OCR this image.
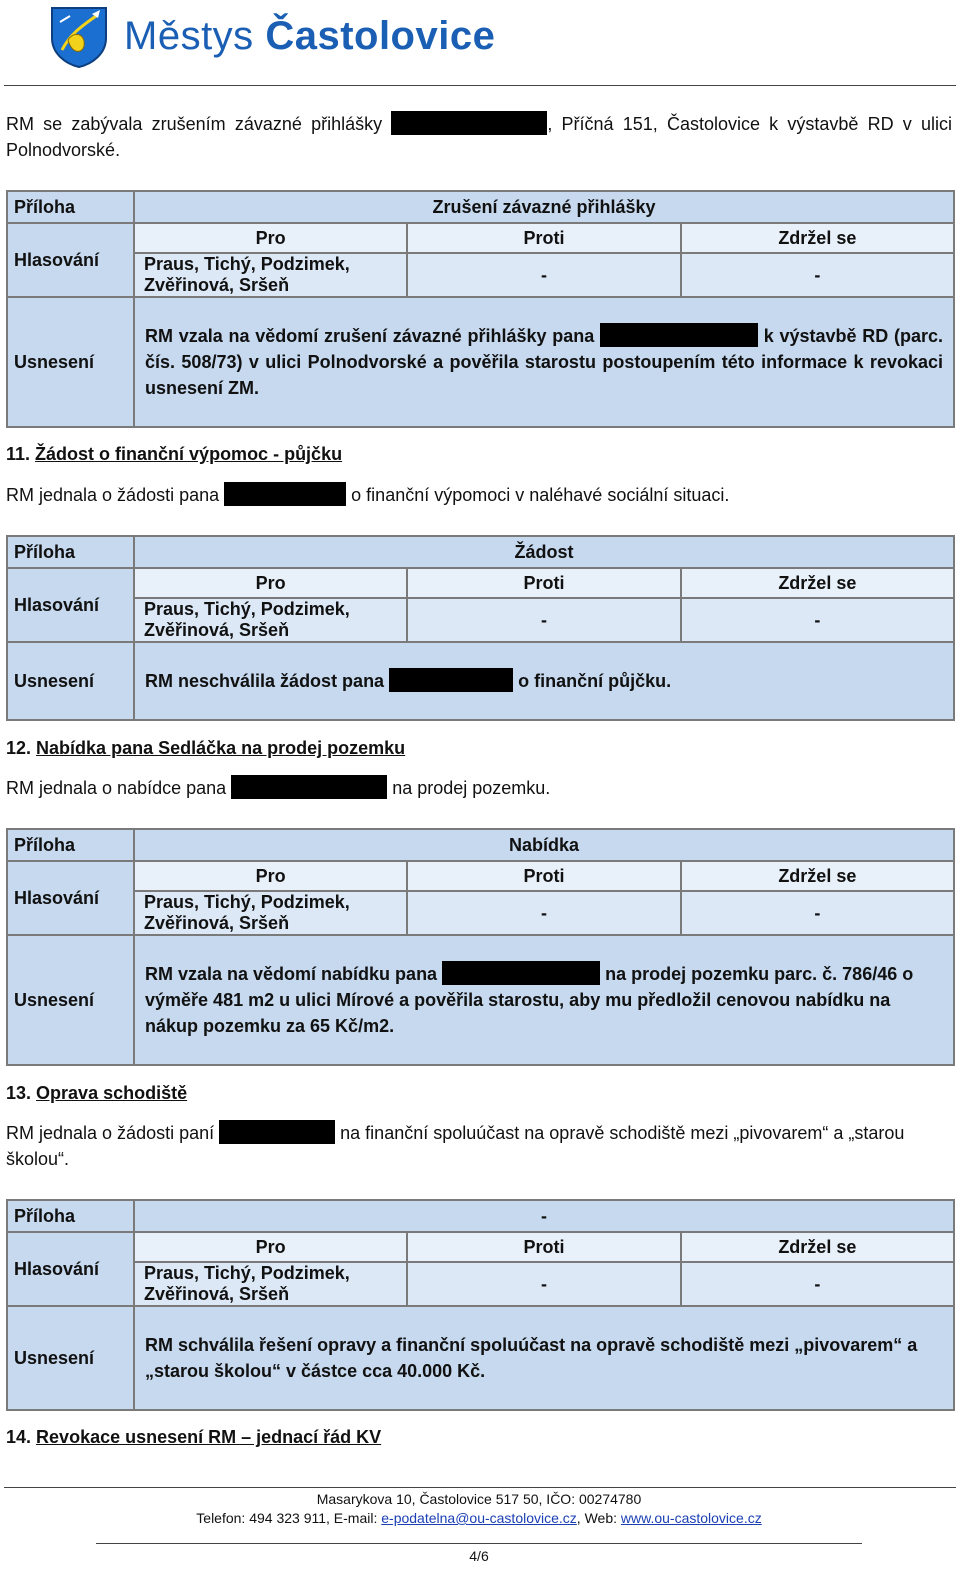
Městys Častolovice
RM se zabývala zrušením závazné přihlášky	, Příčná 151, Častolovice k výstavbě RD v ulici Polnodvorské.
Příloha	Zrušení závazné přihlášky		
Hlasování	Pro	Proti	Zdržel se
	Praus, Tichý, Podzimek, Zvěřinová, Sršeň	-	-
Usnesení	RM vzala na vědomí zrušení závazné přihlášky pana k výstavbě RD (parc. čís. 508/73) v ulici Polnodvorské a pověřila starostu postoupením této informace k revokaci usnesení ZM.		
11. Žádost o finanční výpomoc - půjčku
RM jednala o žádosti pana	o finanční výpomoci v naléhavé sociální situaci.
Příloha	Žádost		
Hlasování	Pro	Proti	Zdržel se
	Praus, Tichý, Podzimek, Zvěřinová, Sršeň	-	-
Usnesení	RM neschválila žádost pana o finanční půjčku.		
12. Nabídka pana Sedláčka na prodej pozemku
RM jednala o nabídce pana	na prodej pozemku.
Příloha	Nabídka		
Hlasování	Pro	Proti	Zdržel se
	Praus, Tichý, Podzimek, Zvěřinová, Sršeň	-	-
Usnesení	RM vzala na vědomí nabídku pana na prodej pozemku parc. č. 786/46 o výměře 481 m2 u ulici Mírové a pověřila starostu, aby mu předložil cenovou nabídku na nákup pozemku za 65 Kč/m2.		
13. Oprava schodiště
RM jednala o žádosti paní	na finanční spoluúčast na opravě schodiště mezi „pivovarem“ a „starou školou“.
Příloha	-		
Hlasování	Pro	Proti	Zdržel se
	Praus, Tichý, Podzimek, Zvěřinová, Sršeň	-	-
Usnesení	RM schválila řešení opravy a finanční spoluúčast na opravě schodiště mezi „pivovarem“ a „starou školou“ v částce cca 40.000 Kč.		
14. Revokace usnesení RM – jednací řád KV
Masarykova 10, Častolovice 517 50, IČO: 00274780
Telefon: 494 323 911, E-mail: e-podatelna@ou-castolovice.cz, Web: www.ou-castolovice.cz
4/6
